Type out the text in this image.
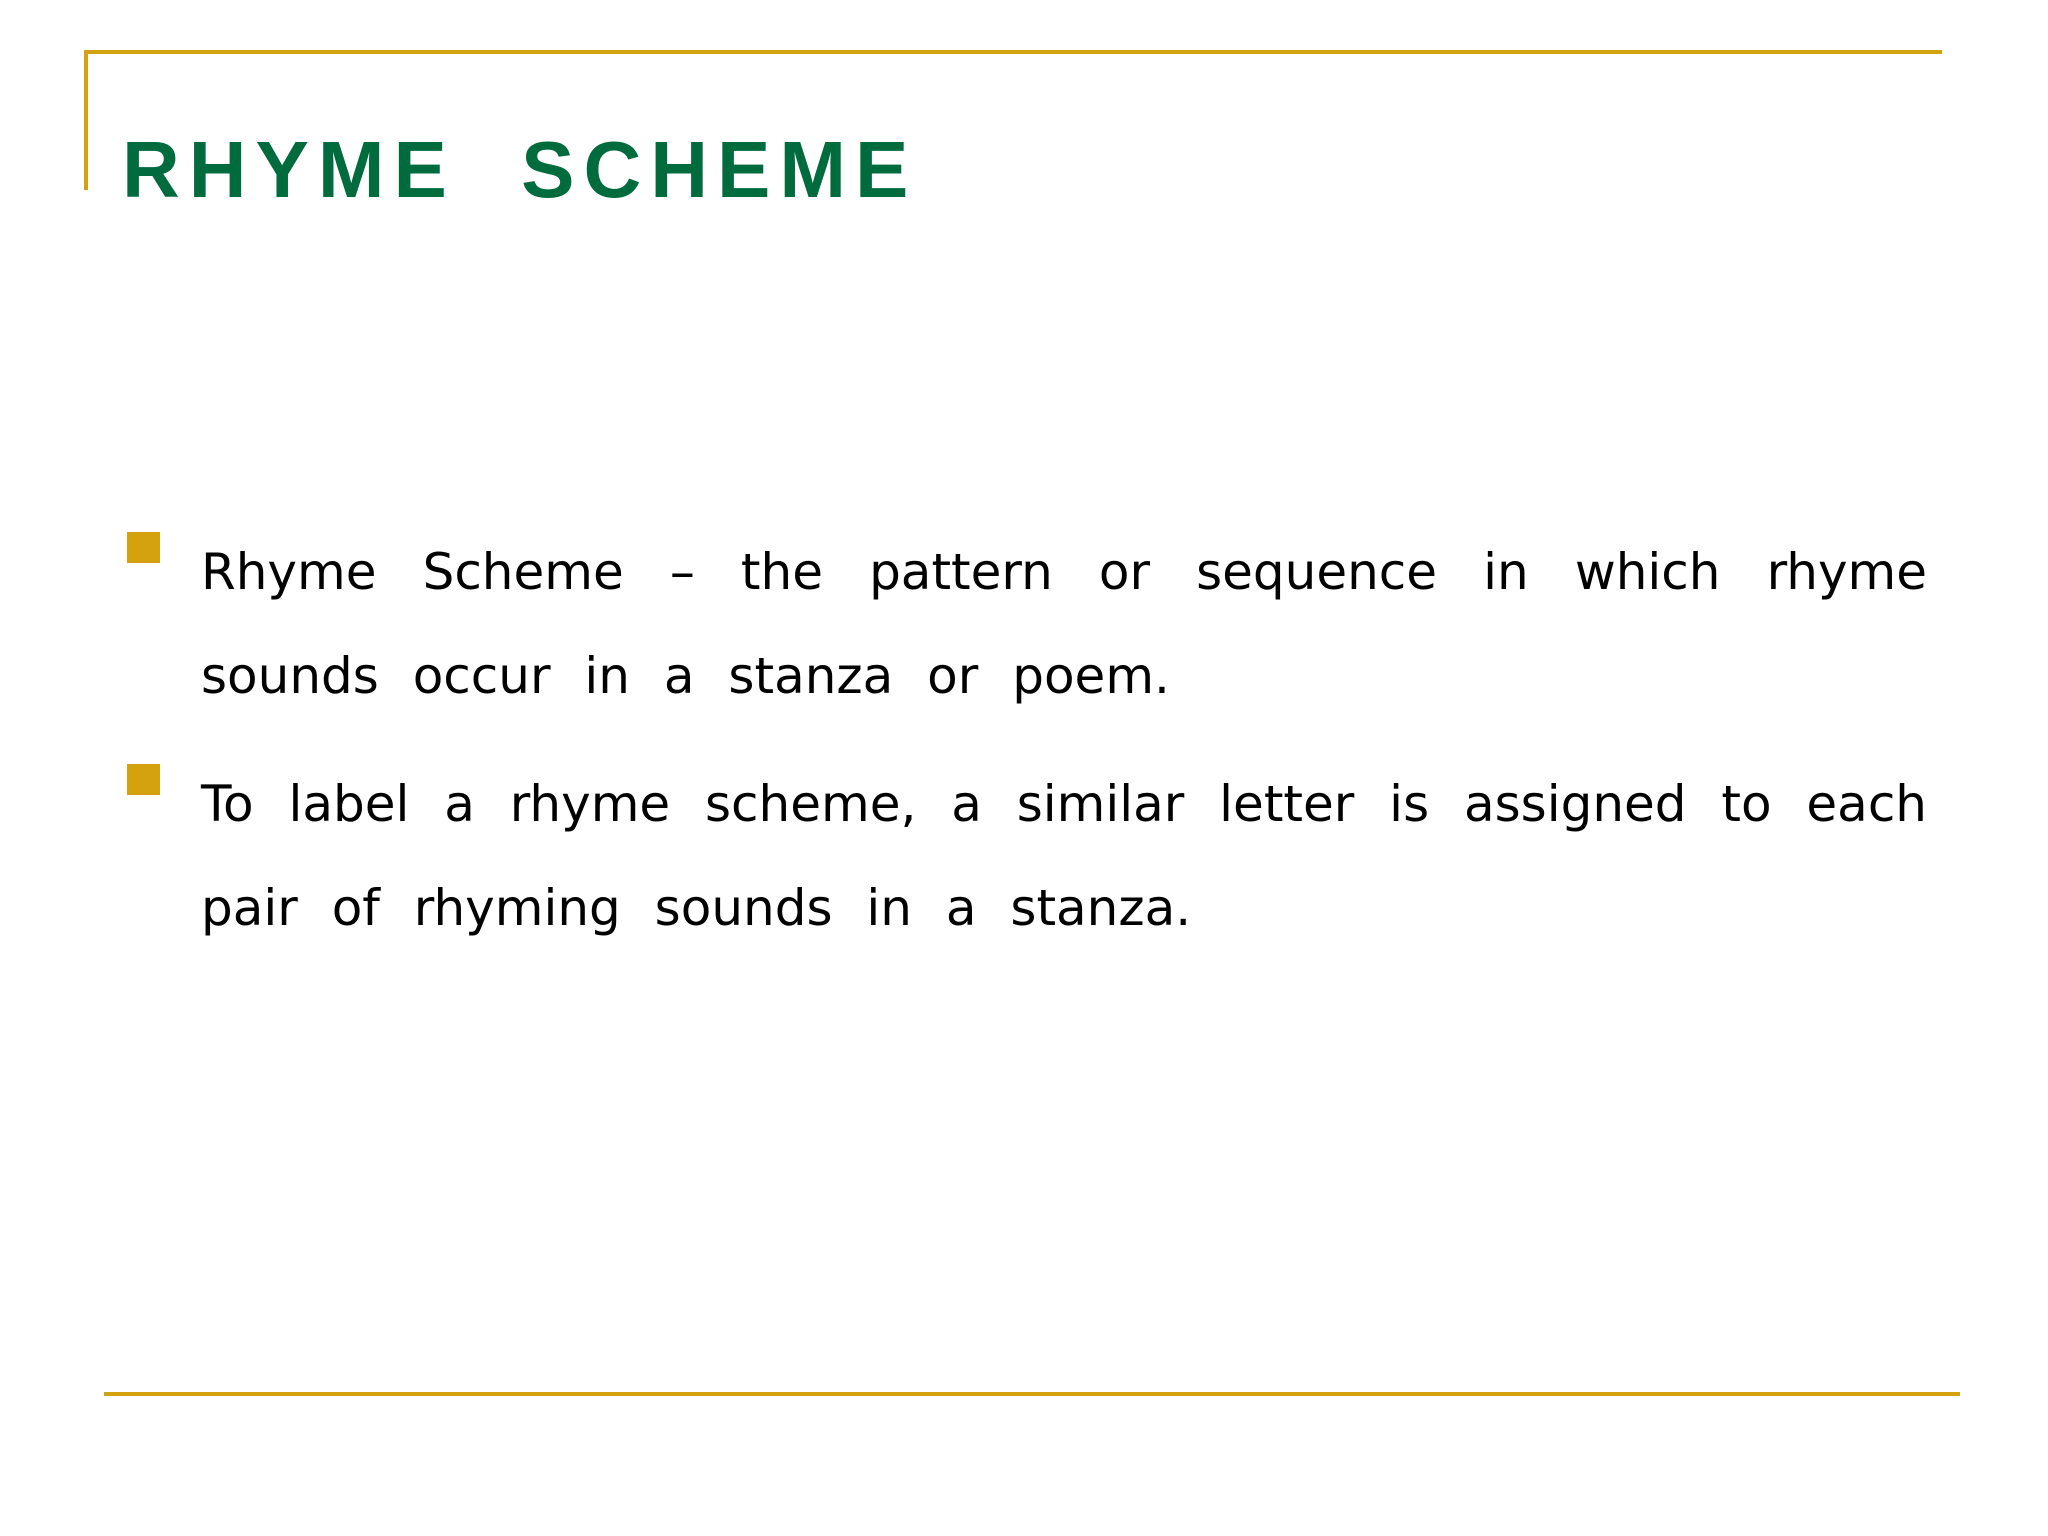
RHYME SCHEME
Rhyme Scheme – the pattern or sequence in which rhyme sounds occur in a stanza or poem.
To label a rhyme scheme, a similar letter is assigned to each pair of rhyming sounds in a stanza.
